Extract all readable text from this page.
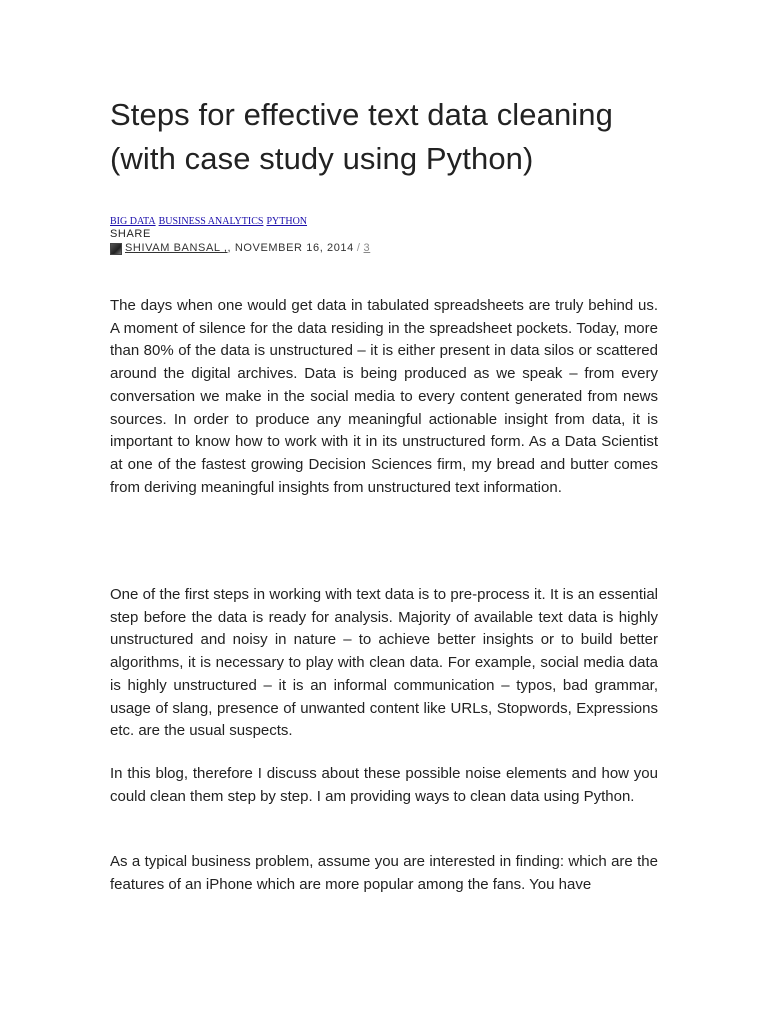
Steps for effective text data cleaning (with case study using Python)
BIG DATA BUSINESS ANALYTICS PYTHON
SHARE
SHIVAM BANSAL , , NOVEMBER 16, 2014 / 3

The days when one would get data in tabulated spreadsheets are truly behind us. A moment of silence for the data residing in the spreadsheet pockets. Today, more than 80% of the data is unstructured – it is either present in data silos or scattered around the digital archives. Data is being produced as we speak – from every conversation we make in the social media to every content generated from news sources. In order to produce any meaningful actionable insight from data, it is important to know how to work with it in its unstructured form. As a Data Scientist at one of the fastest growing Decision Sciences firm, my bread and butter comes from deriving meaningful insights from unstructured text information.

One of the first steps in working with text data is to pre-process it. It is an essential step before the data is ready for analysis. Majority of available text data is highly unstructured and noisy in nature – to achieve better insights or to build better algorithms, it is necessary to play with clean data. For example, social media data is highly unstructured – it is an informal communication – typos, bad grammar, usage of slang, presence of unwanted content like URLs, Stopwords, Expressions etc. are the usual suspects.

In this blog, therefore I discuss about these possible noise elements and how you could clean them step by step. I am providing ways to clean data using Python.

As a typical business problem, assume you are interested in finding: which are the features of an iPhone which are more popular among the fans. You have
